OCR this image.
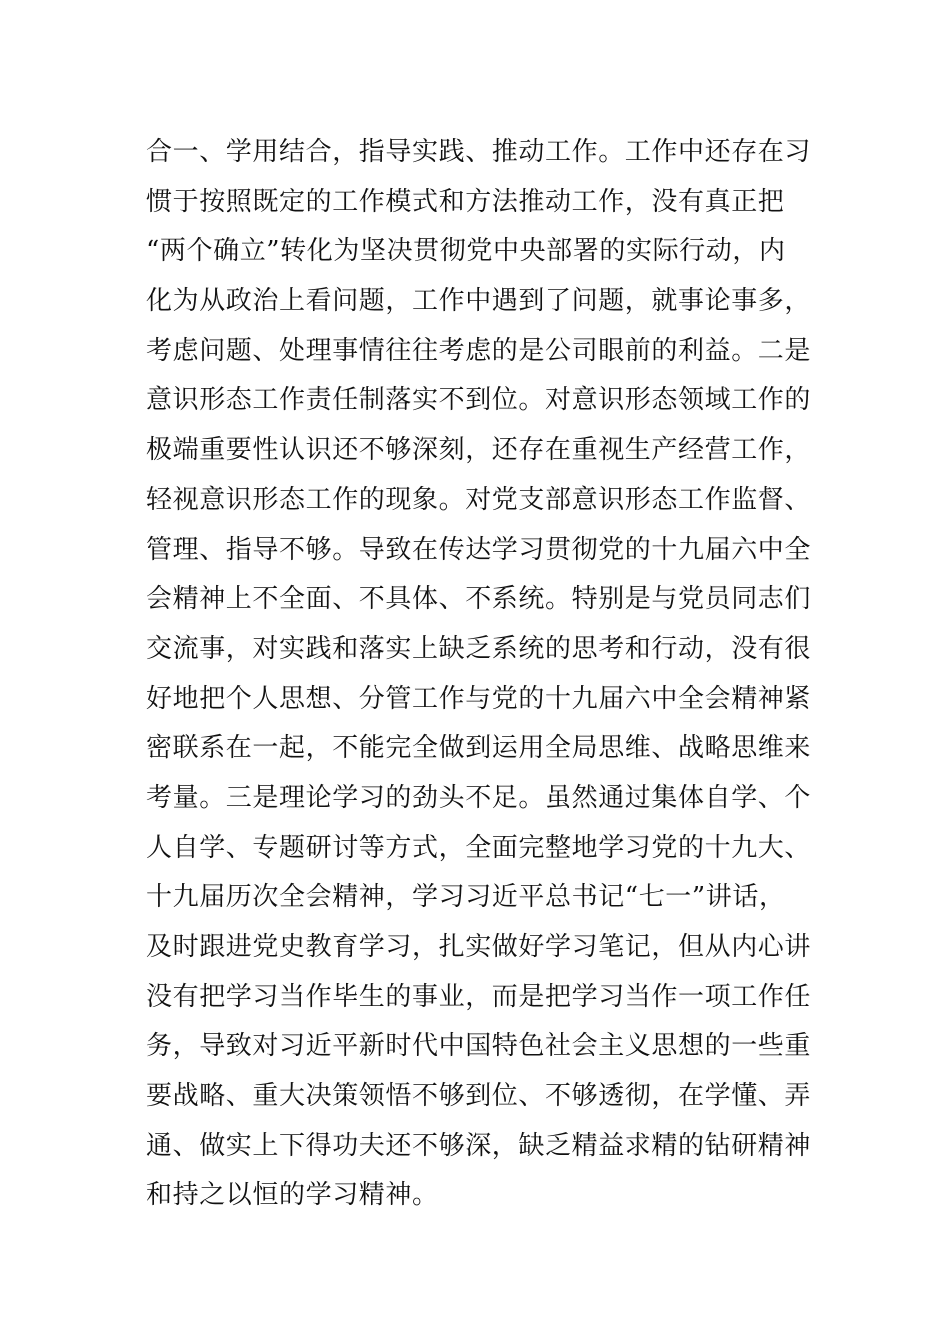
合一、学用结合，指导实践、推动工作。工作中还存在习
惯于按照既定的工作模式和方法推动工作，没有真正把
“两个确立”转化为坚决贯彻党中央部署的实际行动，内
化为从政治上看问题，工作中遇到了问题，就事论事多，
考虑问题、处理事情往往考虑的是公司眼前的利益。二是
意识形态工作责任制落实不到位。对意识形态领域工作的
极端重要性认识还不够深刻，还存在重视生产经营工作，
轻视意识形态工作的现象。对党支部意识形态工作监督、
管理、指导不够。导致在传达学习贯彻党的十九届六中全
会精神上不全面、不具体、不系统。特别是与党员同志们
交流事，对实践和落实上缺乏系统的思考和行动，没有很
好地把个人思想、分管工作与党的十九届六中全会精神紧
密联系在一起，不能完全做到运用全局思维、战略思维来
考量。三是理论学习的劲头不足。虽然通过集体自学、个
人自学、专题研讨等方式，全面完整地学习党的十九大、
十九届历次全会精神，学习习近平总书记“七一”讲话，
及时跟进党史教育学习，扎实做好学习笔记，但从内心讲
没有把学习当作毕生的事业，而是把学习当作一项工作任
务，导致对习近平新时代中国特色社会主义思想的一些重
要战略、重大决策领悟不够到位、不够透彻，在学懂、弄
通、做实上下得功夫还不够深，缺乏精益求精的钻研精神
和持之以恒的学习精神。
